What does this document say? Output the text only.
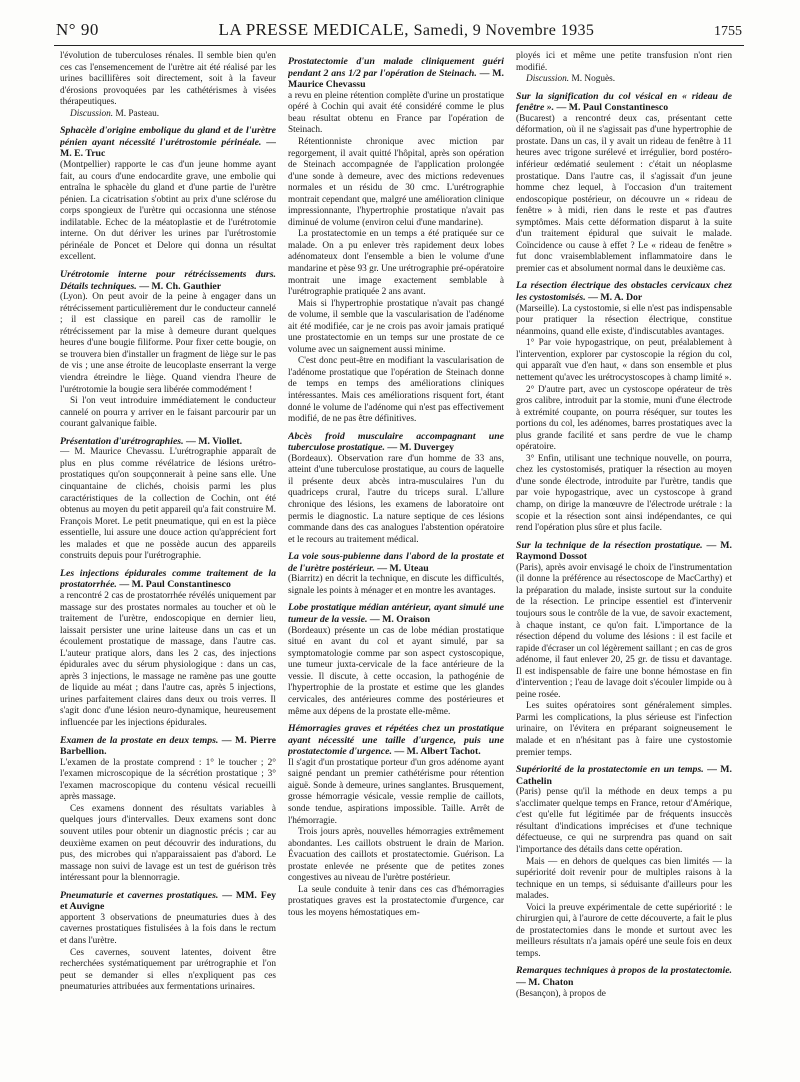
N° 90	LA PRESSE MEDICALE, Samedi, 9 Novembre 1935	1755

l'évolution de tuberculoses rénales. Il semble bien qu'en ces cas l'ensemencement de l'urètre ait été réalisé par les urines bacillifères soit directement, soit à la faveur d'érosions provoquées par les cathétérismes à visées thérapeutiques.

Discussion. M. Pasteau.

Sphacèle d'origine embolique du gland et de l'urètre pénien ayant nécessité l'urétrostomie périnéale. — M. E. Truc

(Montpellier) rapporte le cas d'un jeune homme ayant fait, au cours d'une endocardite grave, une embolie qui entraîna le sphacèle du gland et d'une partie de l'urètre pénien. La cicatrisation s'obtint au prix d'une sclérose du corps spongieux de l'urètre qui occasionna une sténose indilatable. Echec de la méatoplastie et de l'urétrotomie interne. On dut dériver les urines par l'urétrostomie périnéale de Poncet et Delore qui donna un résultat excellent.

Urétrotomie interne pour rétrécissements durs. Détails techniques. — M. Ch. Gauthier

(Lyon). On peut avoir de la peine à engager dans un rétrécissement particulièrement dur le conducteur cannelé ; il est classique en pareil cas de ramollir le rétrécissement par la mise à demeure durant quelques heures d'une bougie filiforme. Pour fixer cette bougie, on se trouvera bien d'installer un fragment de liège sur le pas de vis ; une anse étroite de leucoplaste enserrant la verge viendra étreindre le liège. Quand viendra l'heure de l'urétrotomie la bougie sera libérée commodément !

Si l'on veut introduire immédiatement le conducteur cannelé on pourra y arriver en le faisant parcourir par un courant galvanique faible.

Présentation d'urétrographies. — M. Viollet.

— M. Maurice Chevassu. L'urétrographie apparaît de plus en plus comme révélatrice de lésions urétro-prostatiques qu'on soupçonnerait à peine sans elle. Une cinquantaine de clichés, choisis parmi les plus caractéristiques de la collection de Cochin, ont été obtenus au moyen du petit appareil qu'a fait construire M. François Moret. Le petit pneumatique, qui en est la pièce essentielle, lui assure une douce action qu'apprécient fort les malades et que ne possède aucun des appareils construits depuis pour l'urétrographie.

Les injections épidurales comme traitement de la prostatorrhée. — M. Paul Constantinesco

a rencontré 2 cas de prostatorrhée révélés uniquement par massage sur des prostates normales au toucher et où le traitement de l'urètre, endoscopique en dernier lieu, laissait persister une urine laiteuse dans un cas et un écoulement prostatique de massage, dans l'autre cas. L'auteur pratique alors, dans les 2 cas, des injections épidurales avec du sérum physiologique : dans un cas, après 3 injections, le massage ne ramène pas une goutte de liquide au méat ; dans l'autre cas, après 5 injections, urines parfaitement claires dans deux ou trois verres. Il s'agit donc d'une lésion neuro-dynamique, heureusement influencée par les injections épidurales.

Examen de la prostate en deux temps. — M. Pierre Barbellion.

L'examen de la prostate comprend : 1° le toucher ; 2° l'examen microscopique de la sécrétion prostatique ; 3° l'examen macroscopique du contenu vésical recueilli après massage.

Ces examens donnent des résultats variables à quelques jours d'intervalles. Deux examens sont donc souvent utiles pour obtenir un diagnostic précis ; car au deuxième examen on peut découvrir des indurations, du pus, des microbes qui n'apparaissaient pas d'abord. Le massage non suivi de lavage est un test de guérison très intéressant pour la blennorragie.

Pneumaturie et cavernes prostatiques. — MM. Fey et Auvigne

apportent 3 observations de pneumaturies dues à des cavernes prostatiques fistulisées à la fois dans le rectum et dans l'urètre.

Ces cavernes, souvent latentes, doivent être recherchées systématiquement par urétrographie et l'on peut se demander si elles n'expliquent pas ces pneumaturies attribuées aux fermentations urinaires.

Prostatectomie d'un malade cliniquement guéri pendant 2 ans 1/2 par l'opération de Steinach. — M. Maurice Chevassu

a revu en pleine rétention complète d'urine un prostatique opéré à Cochin qui avait été considéré comme le plus beau résultat obtenu en France par l'opération de Steinach.

Rétentionniste chronique avec miction par regorgement, il avait quitté l'hôpital, après son opération de Steinach accompagnée de l'application prolongée d'une sonde à demeure, avec des mictions redevenues normales et un résidu de 30 cmc. L'urétrographie montrait cependant que, malgré une amélioration clinique impressionnante, l'hypertrophie prostatique n'avait pas diminué de volume (environ celui d'une mandarine).

La prostatectomie en un temps a été pratiquée sur ce malade. On a pu enlever très rapidement deux lobes adénomateux dont l'ensemble a bien le volume d'une mandarine et pèse 93 gr. Une urétrographie pré-opératoire montrait une image exactement semblable à l'urétrographie pratiquée 2 ans avant.

Mais si l'hypertrophie prostatique n'avait pas changé de volume, il semble que la vascularisation de l'adénome ait été modifiée, car je ne crois pas avoir jamais pratiqué une prostatectomie en un temps sur une prostate de ce volume avec un saignement aussi minime.

C'est donc peut-être en modifiant la vascularisation de l'adénome prostatique que l'opération de Steinach donne de temps en temps des améliorations cliniques intéressantes. Mais ces améliorations risquent fort, étant donné le volume de l'adénome qui n'est pas effectivement modifié, de ne pas être définitives.

Abcès froid musculaire accompagnant une tuberculose prostatique. — M. Duvergey

(Bordeaux). Observation rare d'un homme de 33 ans, atteint d'une tuberculose prostatique, au cours de laquelle il présente deux abcès intra-musculaires l'un du quadriceps crural, l'autre du triceps sural. L'allure chronique des lésions, les examens de laboratoire ont permis le diagnostic. La nature septique de ces lésions commande dans des cas analogues l'abstention opératoire et le recours au traitement médical.

La voie sous-pubienne dans l'abord de la prostate et de l'urètre postérieur. — M. Uteau

(Biarritz) en décrit la technique, en discute les difficultés, signale les points à ménager et en montre les avantages.

Lobe prostatique médian antérieur, ayant simulé une tumeur de la vessie. — M. Oraison

(Bordeaux) présente un cas de lobe médian prostatique situé en avant du col et ayant simulé, par sa symptomatologie comme par son aspect cystoscopique, une tumeur juxta-cervicale de la face antérieure de la vessie. Il discute, à cette occasion, la pathogénie de l'hypertrophie de la prostate et estime que les glandes cervicales, des antérieures comme des postérieures et même aux dépens de la prostate elle-même.

Hémorragies graves et répétées chez un prostatique ayant nécessité une taille d'urgence, puis une prostatectomie d'urgence. — M. Albert Tachot.

Il s'agit d'un prostatique porteur d'un gros adénome ayant saigné pendant un premier cathétérisme pour rétention aiguë. Sonde à demeure, urines sanglantes. Brusquement, grosse hémorragie vésicale, vessie remplie de caillots, sonde tendue, aspirations impossible. Taille. Arrêt de l'hémorragie.

Trois jours après, nouvelles hémorragies extrêmement abondantes. Les caillots obstruent le drain de Marion. Évacuation des caillots et prostatectomie. Guérison. La prostate enlevée ne présente que de petites zones congestives au niveau de l'urètre postérieur.

La seule conduite à tenir dans ces cas d'hémorragies prostatiques graves est la prostatectomie d'urgence, car tous les moyens hémostatiques em-

ployés ici et même une petite transfusion n'ont rien modifié.

Discussion. M. Noguès.

Sur la signification du col vésical en « rideau de fenêtre ». — M. Paul Constantinesco

(Bucarest) a rencontré deux cas, présentant cette déformation, où il ne s'agissait pas d'une hypertrophie de prostate. Dans un cas, il y avait un rideau de fenêtre à 11 heures avec trigone surélevé et irrégulier, bord postéro-inférieur œdématié seulement : c'était un néoplasme prostatique. Dans l'autre cas, il s'agissait d'un jeune homme chez lequel, à l'occasion d'un traitement endoscopique postérieur, on découvre un « rideau de fenêtre » à midi, rien dans le reste et pas d'autres symptômes. Mais cette déformation disparut à la suite d'un traitement épidural que suivait le malade. Coïncidence ou cause à effet ? Le « rideau de fenêtre » fut donc vraisemblablement inflammatoire dans le premier cas et absolument normal dans le deuxième cas.

La résection électrique des obstacles cervicaux chez les cystostomisés. — M. A. Dor

(Marseille). La cystostomie, si elle n'est pas indispensable pour pratiquer la résection électrique, constitue néanmoins, quand elle existe, d'indiscutables avantages.

1° Par voie hypogastrique, on peut, préalablement à l'intervention, explorer par cystoscopie la région du col, qui apparaît vue d'en haut, « dans son ensemble et plus nettement qu'avec les urétrocystoscopes à champ limité ».

2° D'autre part, avec un cystoscope opérateur de très gros calibre, introduit par la stomie, muni d'une électrode à extrémité coupante, on pourra réséquer, sur toutes les portions du col, les adénomes, barres prostatiques avec la plus grande facilité et sans perdre de vue le champ opératoire.

3° Enfin, utilisant une technique nouvelle, on pourra, chez les cystostomisés, pratiquer la résection au moyen d'une sonde électrode, introduite par l'urètre, tandis que par voie hypogastrique, avec un cystoscope à grand champ, on dirige la manœuvre de l'électrode urétrale : la scopie et la résection sont ainsi indépendantes, ce qui rend l'opération plus sûre et plus facile.

Sur la technique de la résection prostatique. — M. Raymond Dossot

(Paris), après avoir envisagé le choix de l'instrumentation (il donne la préférence au résectoscope de MacCarthy) et la préparation du malade, insiste surtout sur la conduite de la résection. Le principe essentiel est d'intervenir toujours sous le contrôle de la vue, de savoir exactement, à chaque instant, ce qu'on fait. L'importance de la résection dépend du volume des lésions : il est facile et rapide d'écraser un col légèrement saillant ; en cas de gros adénome, il faut enlever 20, 25 gr. de tissu et davantage. Il est indispensable de faire une bonne hémostase en fin d'intervention ; l'eau de lavage doit s'écouler limpide ou à peine rosée.

Les suites opératoires sont généralement simples. Parmi les complications, la plus sérieuse est l'infection urinaire, on l'évitera en préparant soigneusement le malade et en n'hésitant pas à faire une cystostomie premier temps.

Supériorité de la prostatectomie en un temps. — M. Cathelin

(Paris) pense qu'il la méthode en deux temps a pu s'acclimater quelque temps en France, retour d'Amérique, c'est qu'elle fut légitimée par de fréquents insuccès résultant d'indications imprécises et d'une technique défectueuse, ce qui ne surprendra pas quand on sait l'importance des détails dans cette opération.

Mais — en dehors de quelques cas bien limités — la supériorité doit revenir pour de multiples raisons à la technique en un temps, si séduisante d'ailleurs pour les malades.

Voici la preuve expérimentale de cette supériorité : le chirurgien qui, à l'aurore de cette découverte, a fait le plus de prostatectomies dans le monde et surtout avec les meilleurs résultats n'a jamais opéré une seule fois en deux temps.

Remarques techniques à propos de la prostatectomie. — M. Chaton

(Besançon), à propos de
